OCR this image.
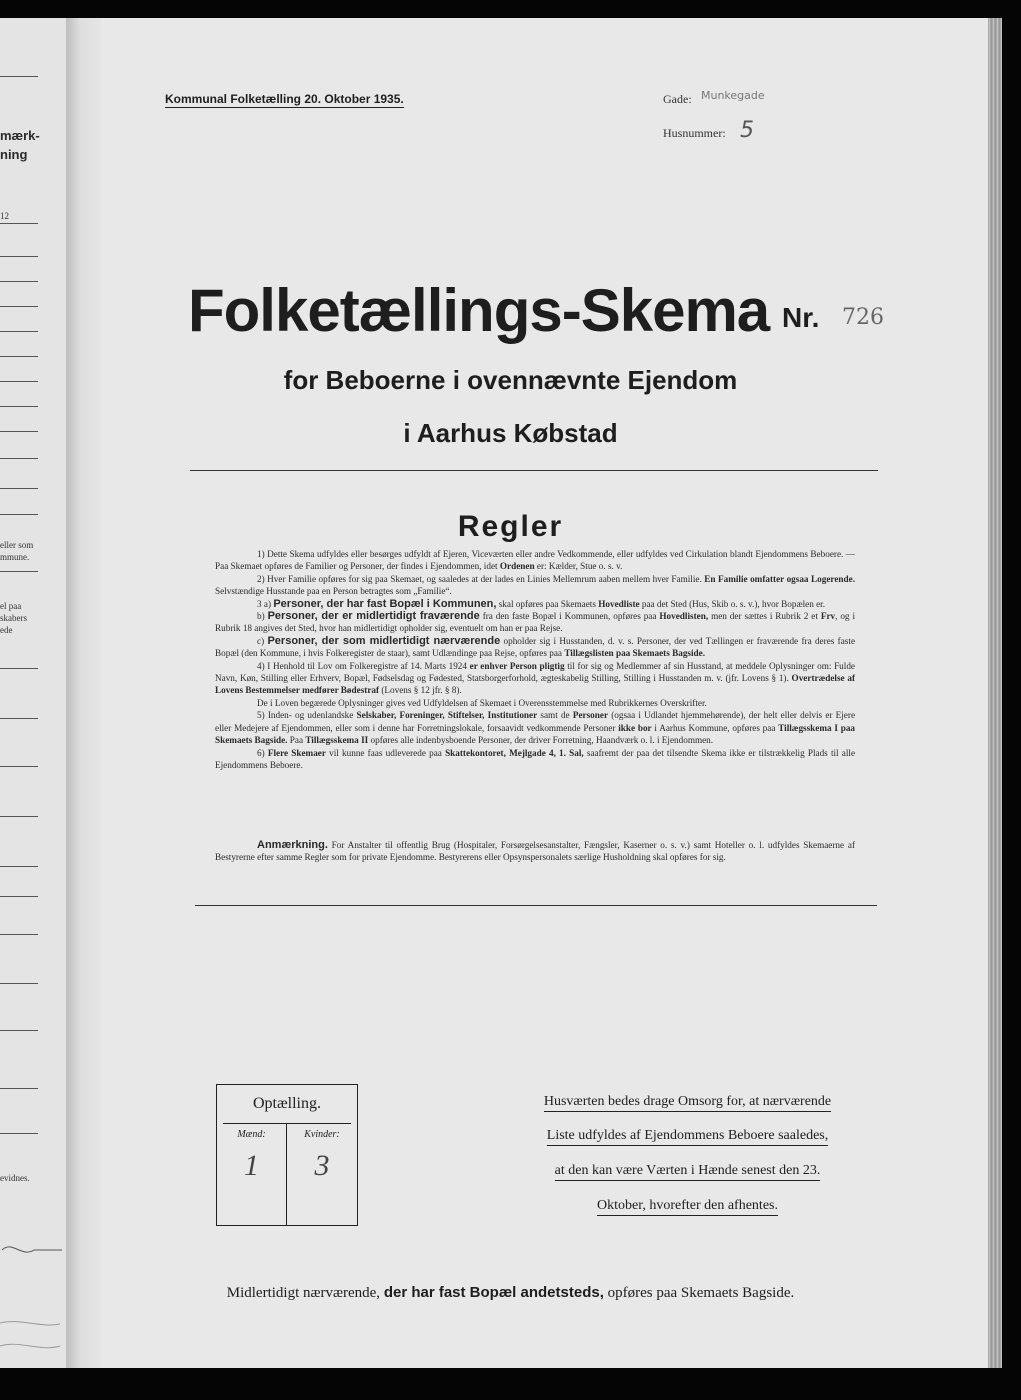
mærk-
ning
12
eller som
mmune.
el paa
skabers
ede
evidnes.
Kommunal Folketælling 20. Oktober 1935.	Gade: Munkegade
Husnummer: 5
Folketællings-Skema Nr. 726
for Beboerne i ovennævnte Ejendom
i Aarhus Købstad
Regler

1) Dette Skema udfyldes eller besørges udfyldt af Ejeren, Viceværten eller andre Vedkommende, eller udfyldes ved Cirkulation blandt Ejendommens Beboere. — Paa Skemaet opføres de Familier og Personer, der findes i Ejendommen, idet Ordenen er: Kælder, Stue o. s. v.

2) Hver Familie opføres for sig paa Skemaet, og saaledes at der lades en Linies Mellemrum aaben mellem hver Familie. En Familie omfatter ogsaa Logerende. Selvstændige Husstande paa en Person betragtes som „Familie“.

3 a) Personer, der har fast Bopæl i Kommunen, skal opføres paa Skemaets Hovedliste paa det Sted (Hus, Skib o. s. v.), hvor Bopælen er.

b) Personer, der er midlertidigt fraværende fra den faste Bopæl i Kommunen, opføres paa Hovedlisten, men der sættes i Rubrik 2 et Frv, og i Rubrik 18 angives det Sted, hvor han midlertidigt opholder sig, eventuelt om han er paa Rejse.

c) Personer, der som midlertidigt nærværende opholder sig i Husstanden, d. v. s. Personer, der ved Tællingen er fraværende fra deres faste Bopæl (den Kommune, i hvis Folkeregister de staar), samt Udlændinge paa Rejse, opføres paa Tillægslisten paa Skemaets Bagside.

4) I Henhold til Lov om Folkeregistre af 14. Marts 1924 er enhver Person pligtig til for sig og Medlemmer af sin Husstand, at meddele Oplysninger om: Fulde Navn, Køn, Stilling eller Erhverv, Bopæl, Fødselsdag og Fødested, Statsborgerforhold, ægteskabelig Stilling, Stilling i Husstanden m. v. (jfr. Lovens § 1). Overtrædelse af Lovens Bestemmelser medfører Bødestraf (Lovens § 12 jfr. § 8).

De i Loven begærede Oplysninger gives ved Udfyldelsen af Skemaet i Overensstemmelse med Rubrikkernes Overskrifter.

5) Inden- og udenlandske Selskaber, Foreninger, Stiftelser, Institutioner samt de Personer (ogsaa i Udlandet hjemmehørende), der helt eller delvis er Ejere eller Medejere af Ejendommen, eller som i denne har Forretningslokale, forsaavidt vedkommende Personer ikke bor i Aarhus Kommune, opføres paa Tillægsskema I paa Skemaets Bagside. Paa Tillægsskema II opføres alle indenbysboende Personer, der driver Forretning, Haandværk o. l. i Ejendommen.

6) Flere Skemaer vil kunne faas udleverede paa Skattekontoret, Mejlgade 4, 1. Sal, saafremt der paa det tilsendte Skema ikke er tilstrækkelig Plads til alle Ejendommens Beboere.

Anmærkning. For Anstalter til offentlig Brug (Hospitaler, Forsørgelsesanstalter, Fængsler, Kaserner o. s. v.) samt Hoteller o. l. udfyldes Skemaerne af Bestyrerne efter samme Regler som for private Ejendomme. Bestyrerens eller Opsynspersonalets særlige Husholdning skal opføres for sig.

Optælling.
Mænd:	Kvinder:
1	3
Husværten bedes drage Omsorg for, at nærværende
Liste udfyldes af Ejendommens Beboere saaledes,
at den kan være Værten i Hænde senest den 23.
Oktober, hvorefter den afhentes.
Midlertidigt nærværende, der har fast Bopæl andetsteds, opføres paa Skemaets Bagside.
